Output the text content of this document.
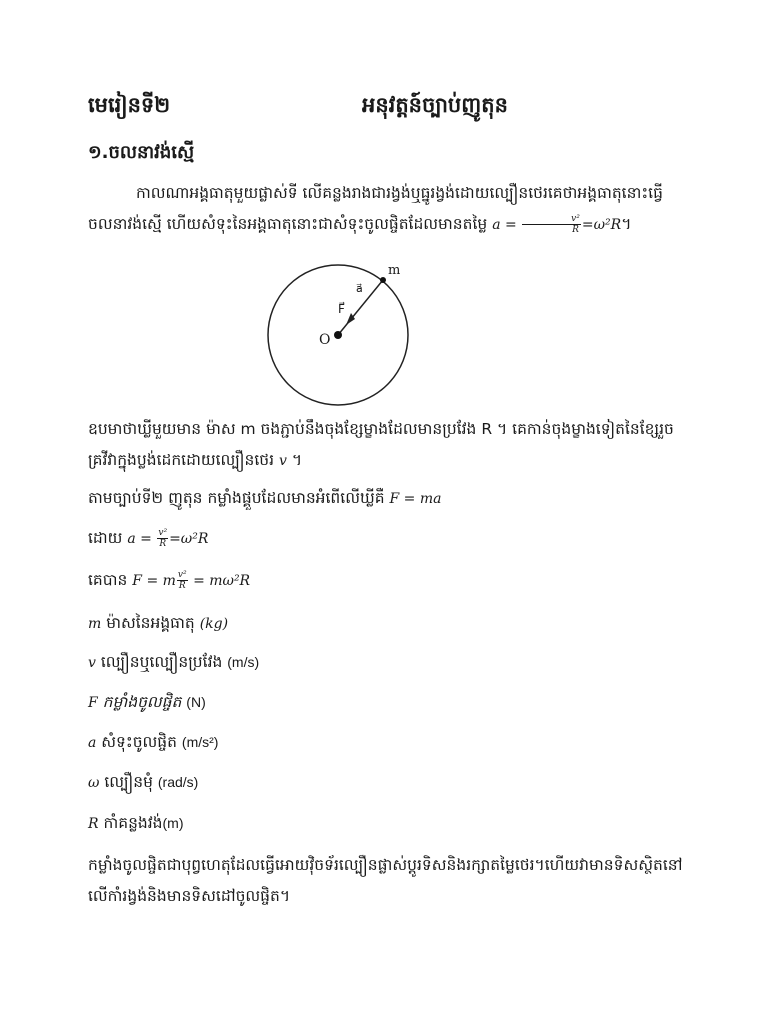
មេរៀនទី២	អនុវត្តន៍ច្បាប់ញូតុន
១.ចលនាវង់ស្មើ
កាលណាអង្គធាតុមួយផ្លាស់ទី លើគន្លងរាងជារង្វង់ឬធ្នូរង្វង់ដោយល្បឿនថេរគេថាអង្គធាតុនោះធ្វើចលនាវង់ស្មើ ហើយសំទុះនៃអង្គធាតុនោះជាសំទុះចូលផ្ចិតដែលមានតម្លៃ $a = \frac{\text{v²}}{R} =\omega^2R$។
m
a⃗
F⃗
O
ឧបមាថាឃ្លីមួយមាន ម៉ាស m ចងភ្ជាប់នឹងចុងខ្សែម្ខាងដែលមានប្រវែង R ។ គេកាន់ចុងម្ខាងទៀតនៃខ្សែរួចគ្រវីវាក្នុងប្លង់ដេកដោយល្បឿនថេរ v ។
តាមច្បាប់ទី២ ញូតុន កម្លាំងផ្គួបដែលមានអំពើលើឃ្លីគឺ F = ma
ដោយ $a = \frac{\text{v²}}{R} =\omega^2R$
គេបាន F = m $\frac{\text{v²}}{R} = m\omega^2R$
m ម៉ាសនៃអង្គធាតុ (kg)
v ល្បឿនឬល្បឿនប្រវែង (m/s)
F កម្លាំងចូលផ្ចិត (N)
a សំទុះចូលផ្ចិត (m/s²)
ω ល្បឿនមុំ (rad/s)
R កាំគន្លងវង់(m)
កម្លាំងចូលផ្ចិតជាបុព្វហេតុដែលធ្វើអោយវ៉ិចទ័រល្បឿនផ្លាស់ប្តូរទិសនិងរក្សាតម្លៃថេរ។ហើយវាមានទិសស្ថិតនៅលើកាំរង្វង់និងមានទិសដៅចូលផ្ចិត។
